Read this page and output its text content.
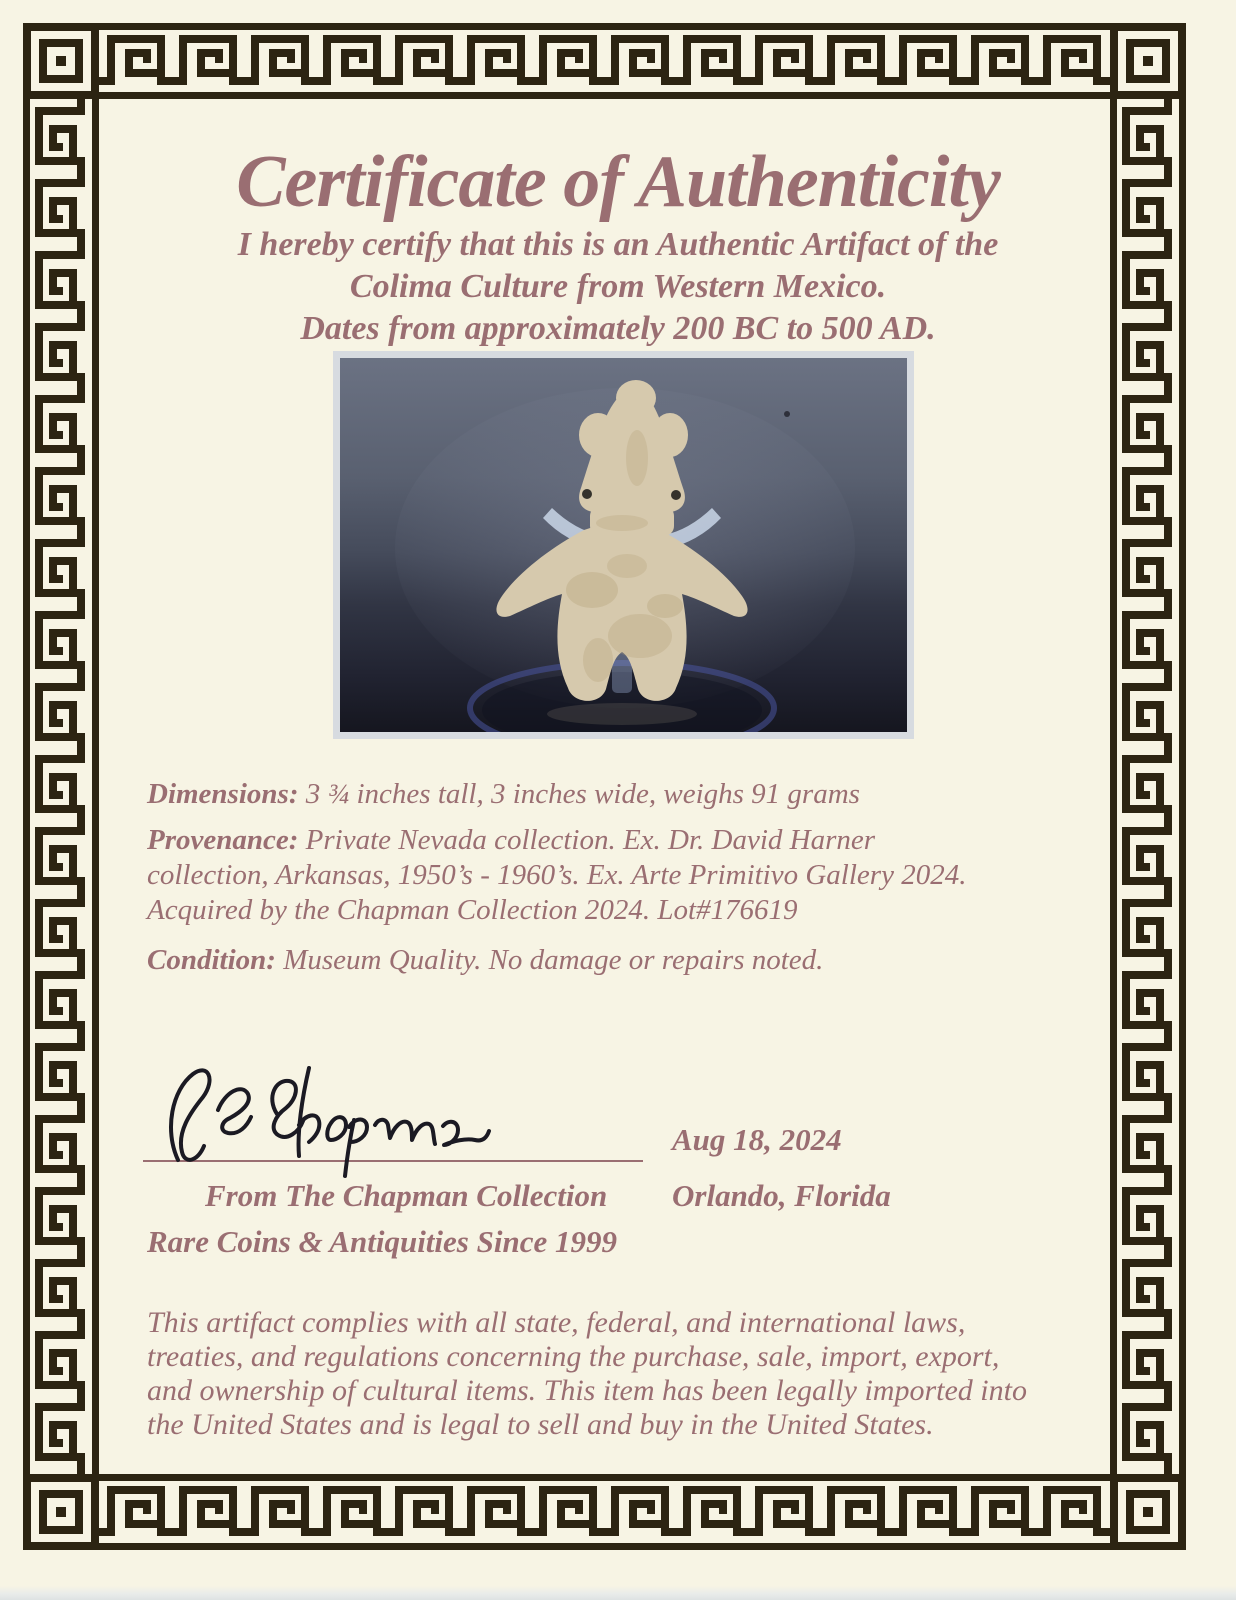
Certificate of Authenticity
I hereby certify that this is an Authentic Artifact of the
Colima Culture from Western Mexico.
Dates from approximately 200 BC to 500 AD.

Dimensions: 3 ¾ inches tall, 3 inches wide, weighs 91 grams

Provenance: Private Nevada collection. Ex. Dr. David Harner
collection, Arkansas, 1950’s - 1960’s. Ex. Arte Primitivo Gallery 2024.
Acquired by the Chapman Collection 2024. Lot#176619

Condition: Museum Quality. No damage or repairs noted.

Aug 18, 2024
From The Chapman Collection Orlando, Florida
Rare Coins & Antiquities Since 1999

This artifact complies with all state, federal, and international laws,
treaties, and regulations concerning the purchase, sale, import, export,
and ownership of cultural items. This item has been legally imported into
the United States and is legal to sell and buy in the United States.
